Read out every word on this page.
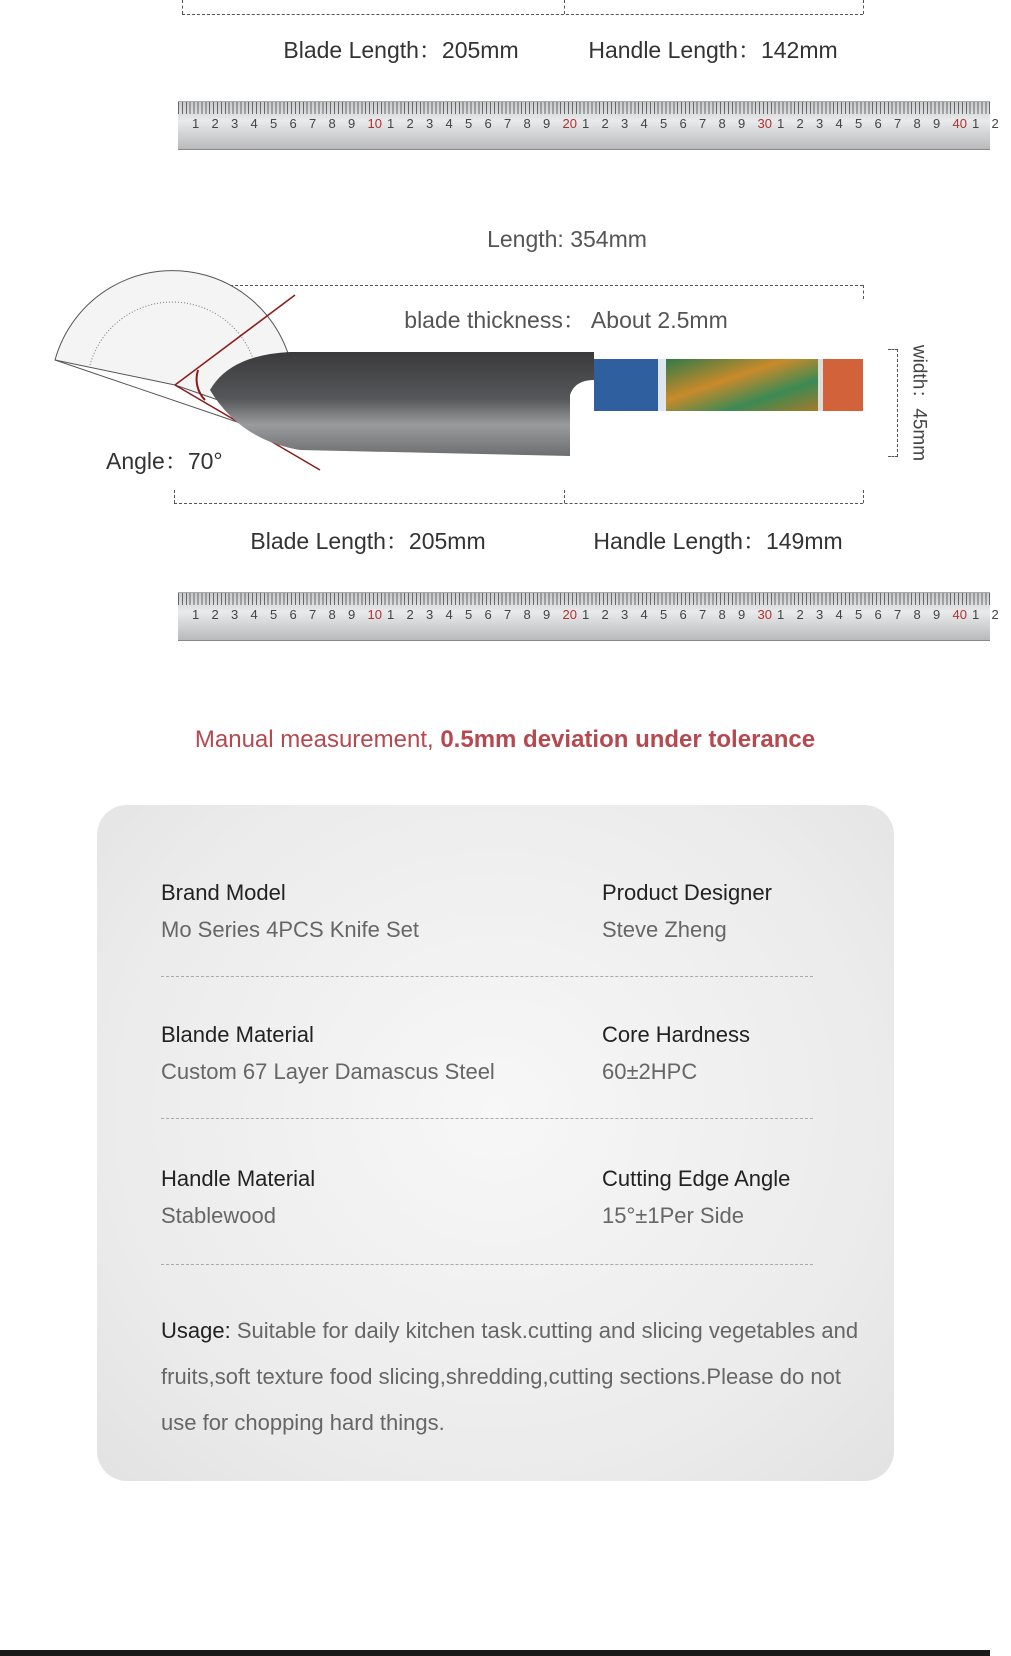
Blade Length：205mm	Handle Length：142mm
1 2 3 4 5 6 7 8 9 10 1 2 3 4 5 6 7 8 9 20 1 2 3 4 5 6 7 8 9 30 1 2 3 4 5 6 7 8 9 40 1 2
Length: 354mm
blade thickness： About 2.5mm
width：45mm
Angle：70°
Blade Length：205mm	Handle Length：149mm
1 2 3 4 5 6 7 8 9 10 1 2 3 4 5 6 7 8 9 20 1 2 3 4 5 6 7 8 9 30 1 2 3 4 5 6 7 8 9 40 1 2
Manual measurement, 0.5mm deviation under tolerance
Brand Model
Mo Series 4PCS Knife Set
Product Designer
Steve Zheng
Blande Material
Custom 67 Layer Damascus Steel
Core Hardness
60±2HPC
Handle Material
Stablewood
Cutting Edge Angle
15°±1Per Side
Usage: Suitable for daily kitchen task.cutting and slicing vegetables and fruits,soft texture food slicing,shredding,cutting sections.Please do not use for chopping hard things.
